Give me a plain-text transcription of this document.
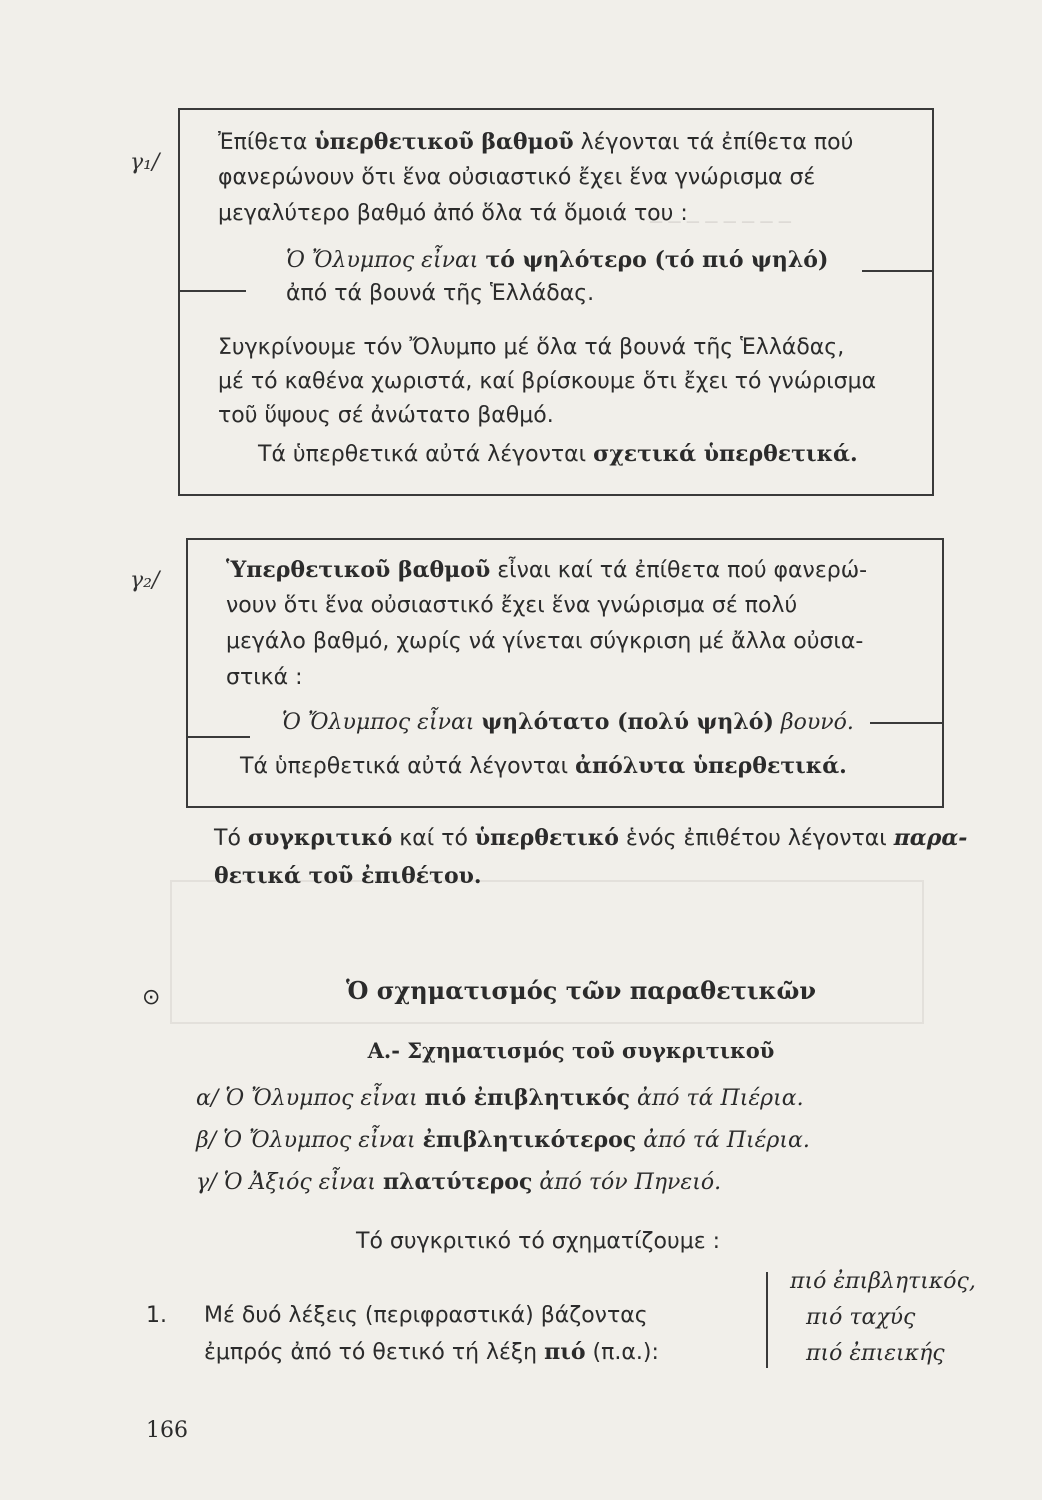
─ ─ ─ ─ ─ ─ ─ ─
γ₁/
Ἐπίθετα ὑπερθετικοῦ βαθμοῦ λέγονται τά ἐπίθετα πού
φανερώνουν ὅτι ἕνα οὐσιαστικό ἔχει ἕνα γνώρισμα σέ
μεγαλύτερο βαθμό ἀπό ὅλα τά ὅμοιά του :
Ὁ Ὄλυμπος εἶναι τό ψηλότερο (τό πιό ψηλό)
ἀπό τά βουνά τῆς Ἑλλάδας.
Συγκρίνουμε τόν Ὄλυμπο μέ ὅλα τά βουνά τῆς Ἑλλάδας,
μέ τό καθένα χωριστά, καί βρίσκουμε ὅτι ἔχει τό γνώρισμα
τοῦ ὕψους σέ ἀνώτατο βαθμό.
Τά ὑπερθετικά αὐτά λέγονται σχετικά ὑπερθετικά.
γ₂/	Ὑπερθετικοῦ βαθμοῦ εἶναι καί τά ἐπίθετα πού φανερώ-
νουν ὅτι ἕνα οὐσιαστικό ἔχει ἕνα γνώρισμα σέ πολύ
μεγάλο βαθμό, χωρίς νά γίνεται σύγκριση μέ ἄλλα οὐσια-
στικά :
Ὁ Ὄλυμπος εἶναι ψηλότατο (πολύ ψηλό) βουνό.
Τά ὑπερθετικά αὐτά λέγονται ἀπόλυτα ὑπερθετικά.
Τό συγκριτικό καί τό ὑπερθετικό ἑνός ἐπιθέτου λέγονται παρα-
θετικά τοῦ ἐπιθέτου.
⊙	Ὁ σχηματισμός τῶν παραθετικῶν
Α.- Σχηματισμός τοῦ συγκριτικοῦ
α/ Ὁ Ὄλυμπος εἶναι πιό ἐπιβλητικός ἀπό τά Πιέρια.
β/ Ὁ Ὄλυμπος εἶναι ἐπιβλητικότερος ἀπό τά Πιέρια.
γ/ Ὁ Ἀξιός εἶναι πλατύτερος ἀπό τόν Πηνειό.
Τό συγκριτικό τό σχηματίζουμε :
1. Μέ δυό λέξεις (περιφραστικά) βάζοντας
ἐμπρός ἀπό τό θετικό τή λέξη πιό (π.α.):
πιό ἐπιβλητικός,
πιό ταχύς
πιό ἐπιεικής
166
